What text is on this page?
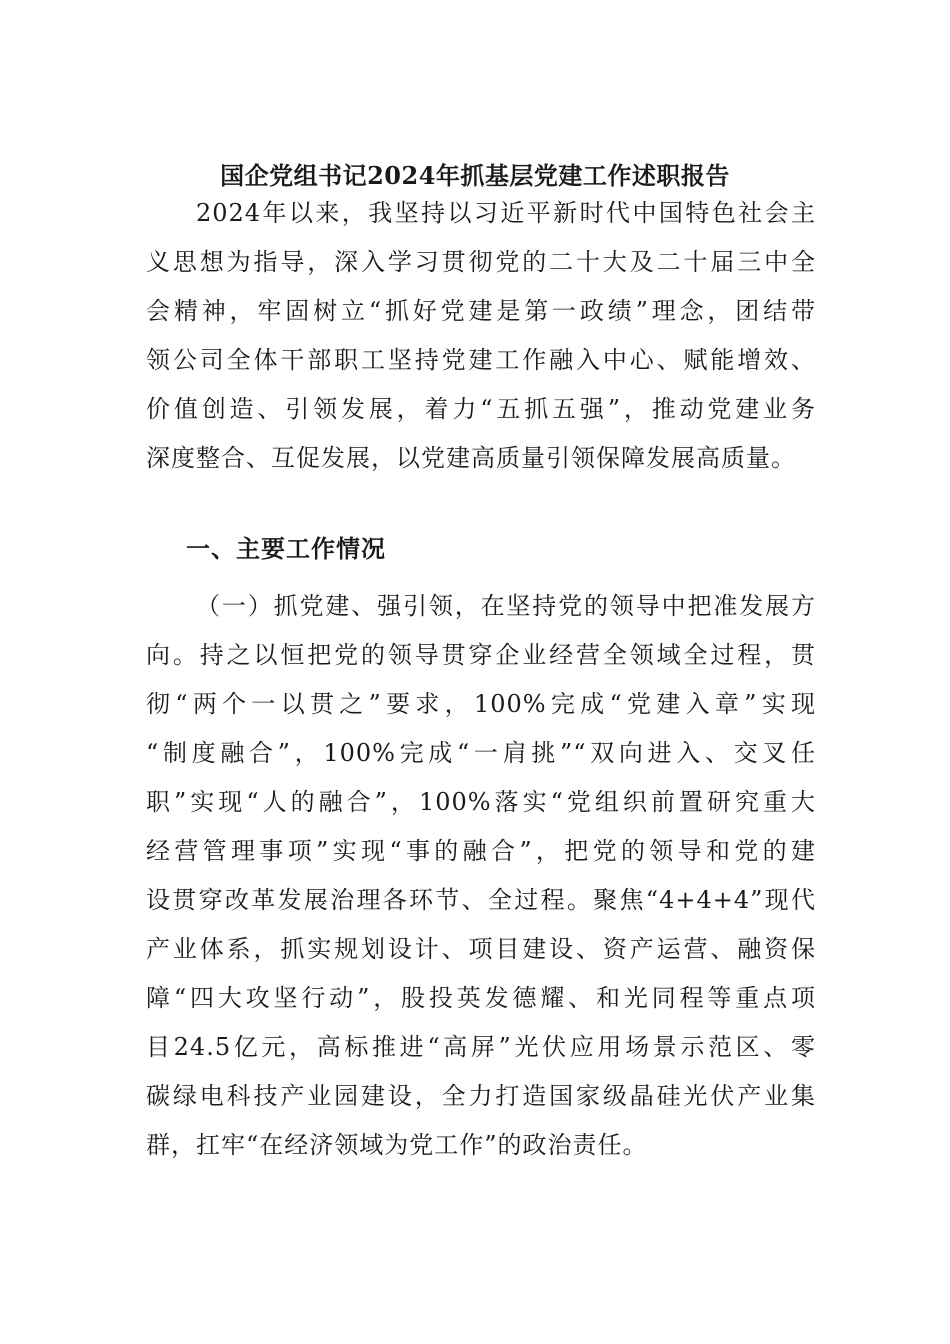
国企党组书记2024年抓基层党建工作述职报告
2024年以来，我坚持以习近平新时代中国特色社会主
义思想为指导，深入学习贯彻党的二十大及二十届三中全
会精神，牢固树立“抓好党建是第一政绩”理念，团结带
领公司全体干部职工坚持党建工作融入中心、赋能增效、
价值创造、引领发展，着力“五抓五强”，推动党建业务
深度整合、互促发展，以党建高质量引领保障发展高质量。
一、主要工作情况
（一）抓党建、强引领，在坚持党的领导中把准发展方
向。持之以恒把党的领导贯穿企业经营全领域全过程，贯
彻“两个一以贯之”要求，100%完成“党建入章”实现
“制度融合”，100%完成“一肩挑”“双向进入、交叉任
职”实现“人的融合”，100%落实“党组织前置研究重大
经营管理事项”实现“事的融合”，把党的领导和党的建
设贯穿改革发展治理各环节、全过程。聚焦“4+4+4”现代
产业体系，抓实规划设计、项目建设、资产运营、融资保
障“四大攻坚行动”，股投英发德耀、和光同程等重点项
目24.5亿元，高标推进“高屏”光伏应用场景示范区、零
碳绿电科技产业园建设，全力打造国家级晶硅光伏产业集
群，扛牢“在经济领域为党工作”的政治责任。
